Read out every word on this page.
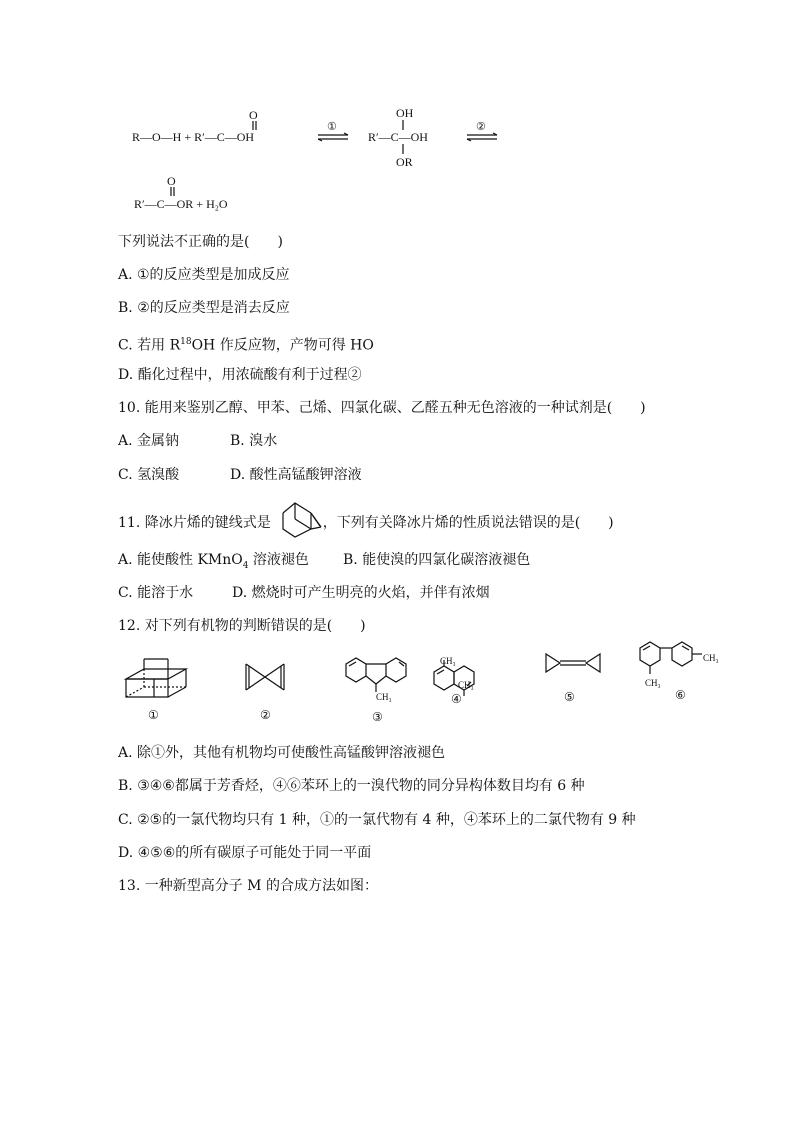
O
R—O—H + R′—C—OH
①
OH
R′—C—OH
OR
②
O
R′—C—OR + H₂O
下列说法不正确的是(　　)
A. ①的反应类型是加成反应
B. ②的反应类型是消去反应
C. 若用 $R^{18}OH$ 作反应物，产物可得 HO
D. 酯化过程中，用浓硫酸有利于过程②
10. 能用来鉴别乙醇、甲苯、己烯、四氯化碳、乙醛五种无色溶液的一种试剂是(　　)
A. 金属钠	B. 溴水
C. 氢溴酸	D. 酸性高锰酸钾溶液
11. 降冰片烯的键线式是	，下列有关降冰片烯的性质说法错误的是(　　)
A. 能使酸性 KMnO$_4$ 溶液褪色 B. 能使溴的四氯化碳溶液褪色
C. 能溶于水	D. 燃烧时可产生明亮的火焰，并伴有浓烟
12. 对下列有机物的判断错误的是(　　)
①	②
CH₃
③
CH₃
CH₃
④	⑤
CH₃
CH₃
⑥
A. 除①外，其他有机物均可使酸性高锰酸钾溶液褪色
B. ③④⑥都属于芳香烃，④⑥苯环上的一溴代物的同分异构体数目均有 6 种
C. ②⑤的一氯代物均只有 1 种，①的一氯代物有 4 种，④苯环上的二氯代物有 9 种
D. ④⑤⑥的所有碳原子可能处于同一平面
13. 一种新型高分子 M 的合成方法如图：
